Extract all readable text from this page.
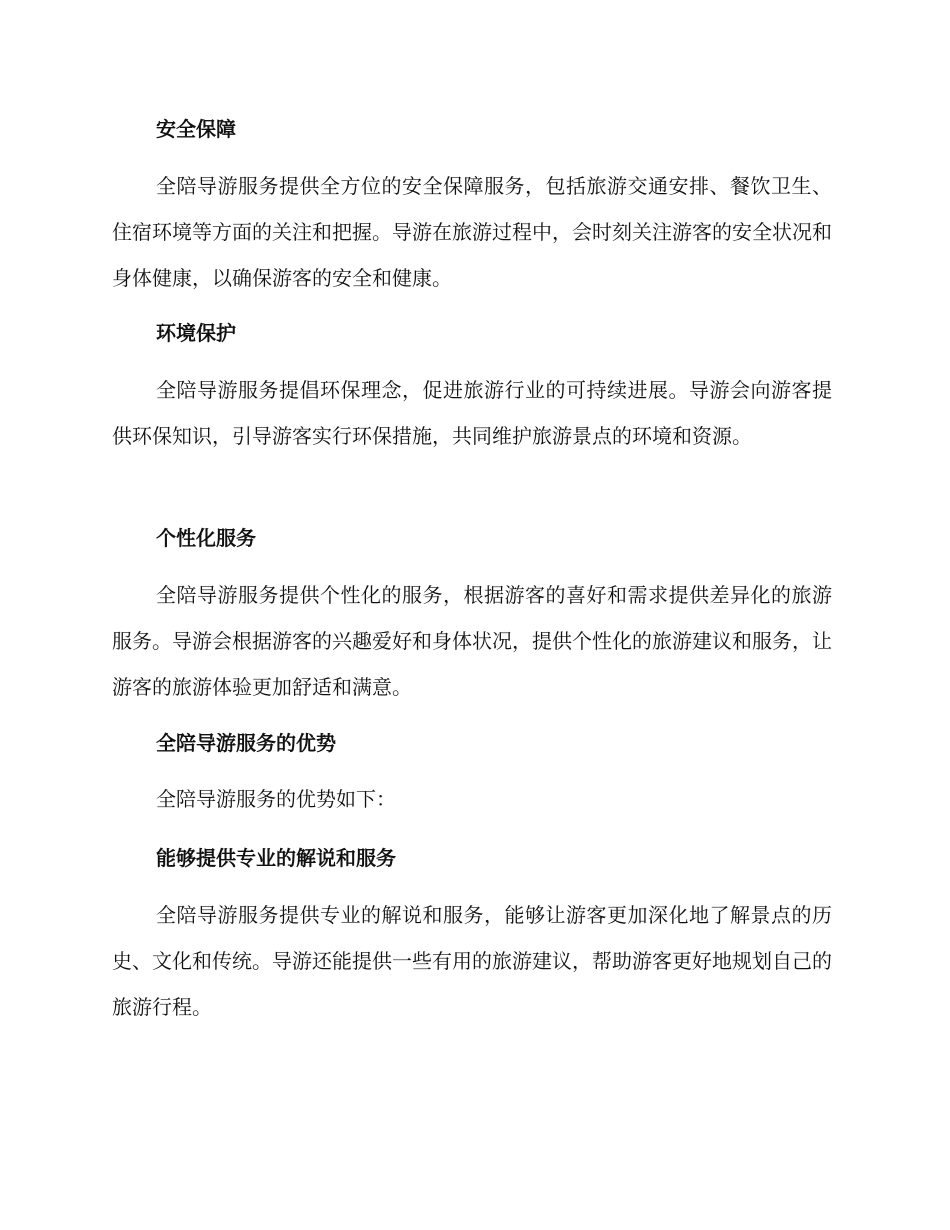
安全保障

全陪导游服务提供全方位的安全保障服务，包括旅游交通安排、餐饮卫生、住宿环境等方面的关注和把握。导游在旅游过程中，会时刻关注游客的安全状况和身体健康，以确保游客的安全和健康。

环境保护

全陪导游服务提倡环保理念，促进旅游行业的可持续进展。导游会向游客提供环保知识，引导游客实行环保措施，共同维护旅游景点的环境和资源。

个性化服务

全陪导游服务提供个性化的服务，根据游客的喜好和需求提供差异化的旅游服务。导游会根据游客的兴趣爱好和身体状况，提供个性化的旅游建议和服务，让游客的旅游体验更加舒适和满意。

全陪导游服务的优势

全陪导游服务的优势如下：

能够提供专业的解说和服务

全陪导游服务提供专业的解说和服务，能够让游客更加深化地了解景点的历史、文化和传统。导游还能提供一些有用的旅游建议，帮助游客更好地规划自己的旅游行程。
